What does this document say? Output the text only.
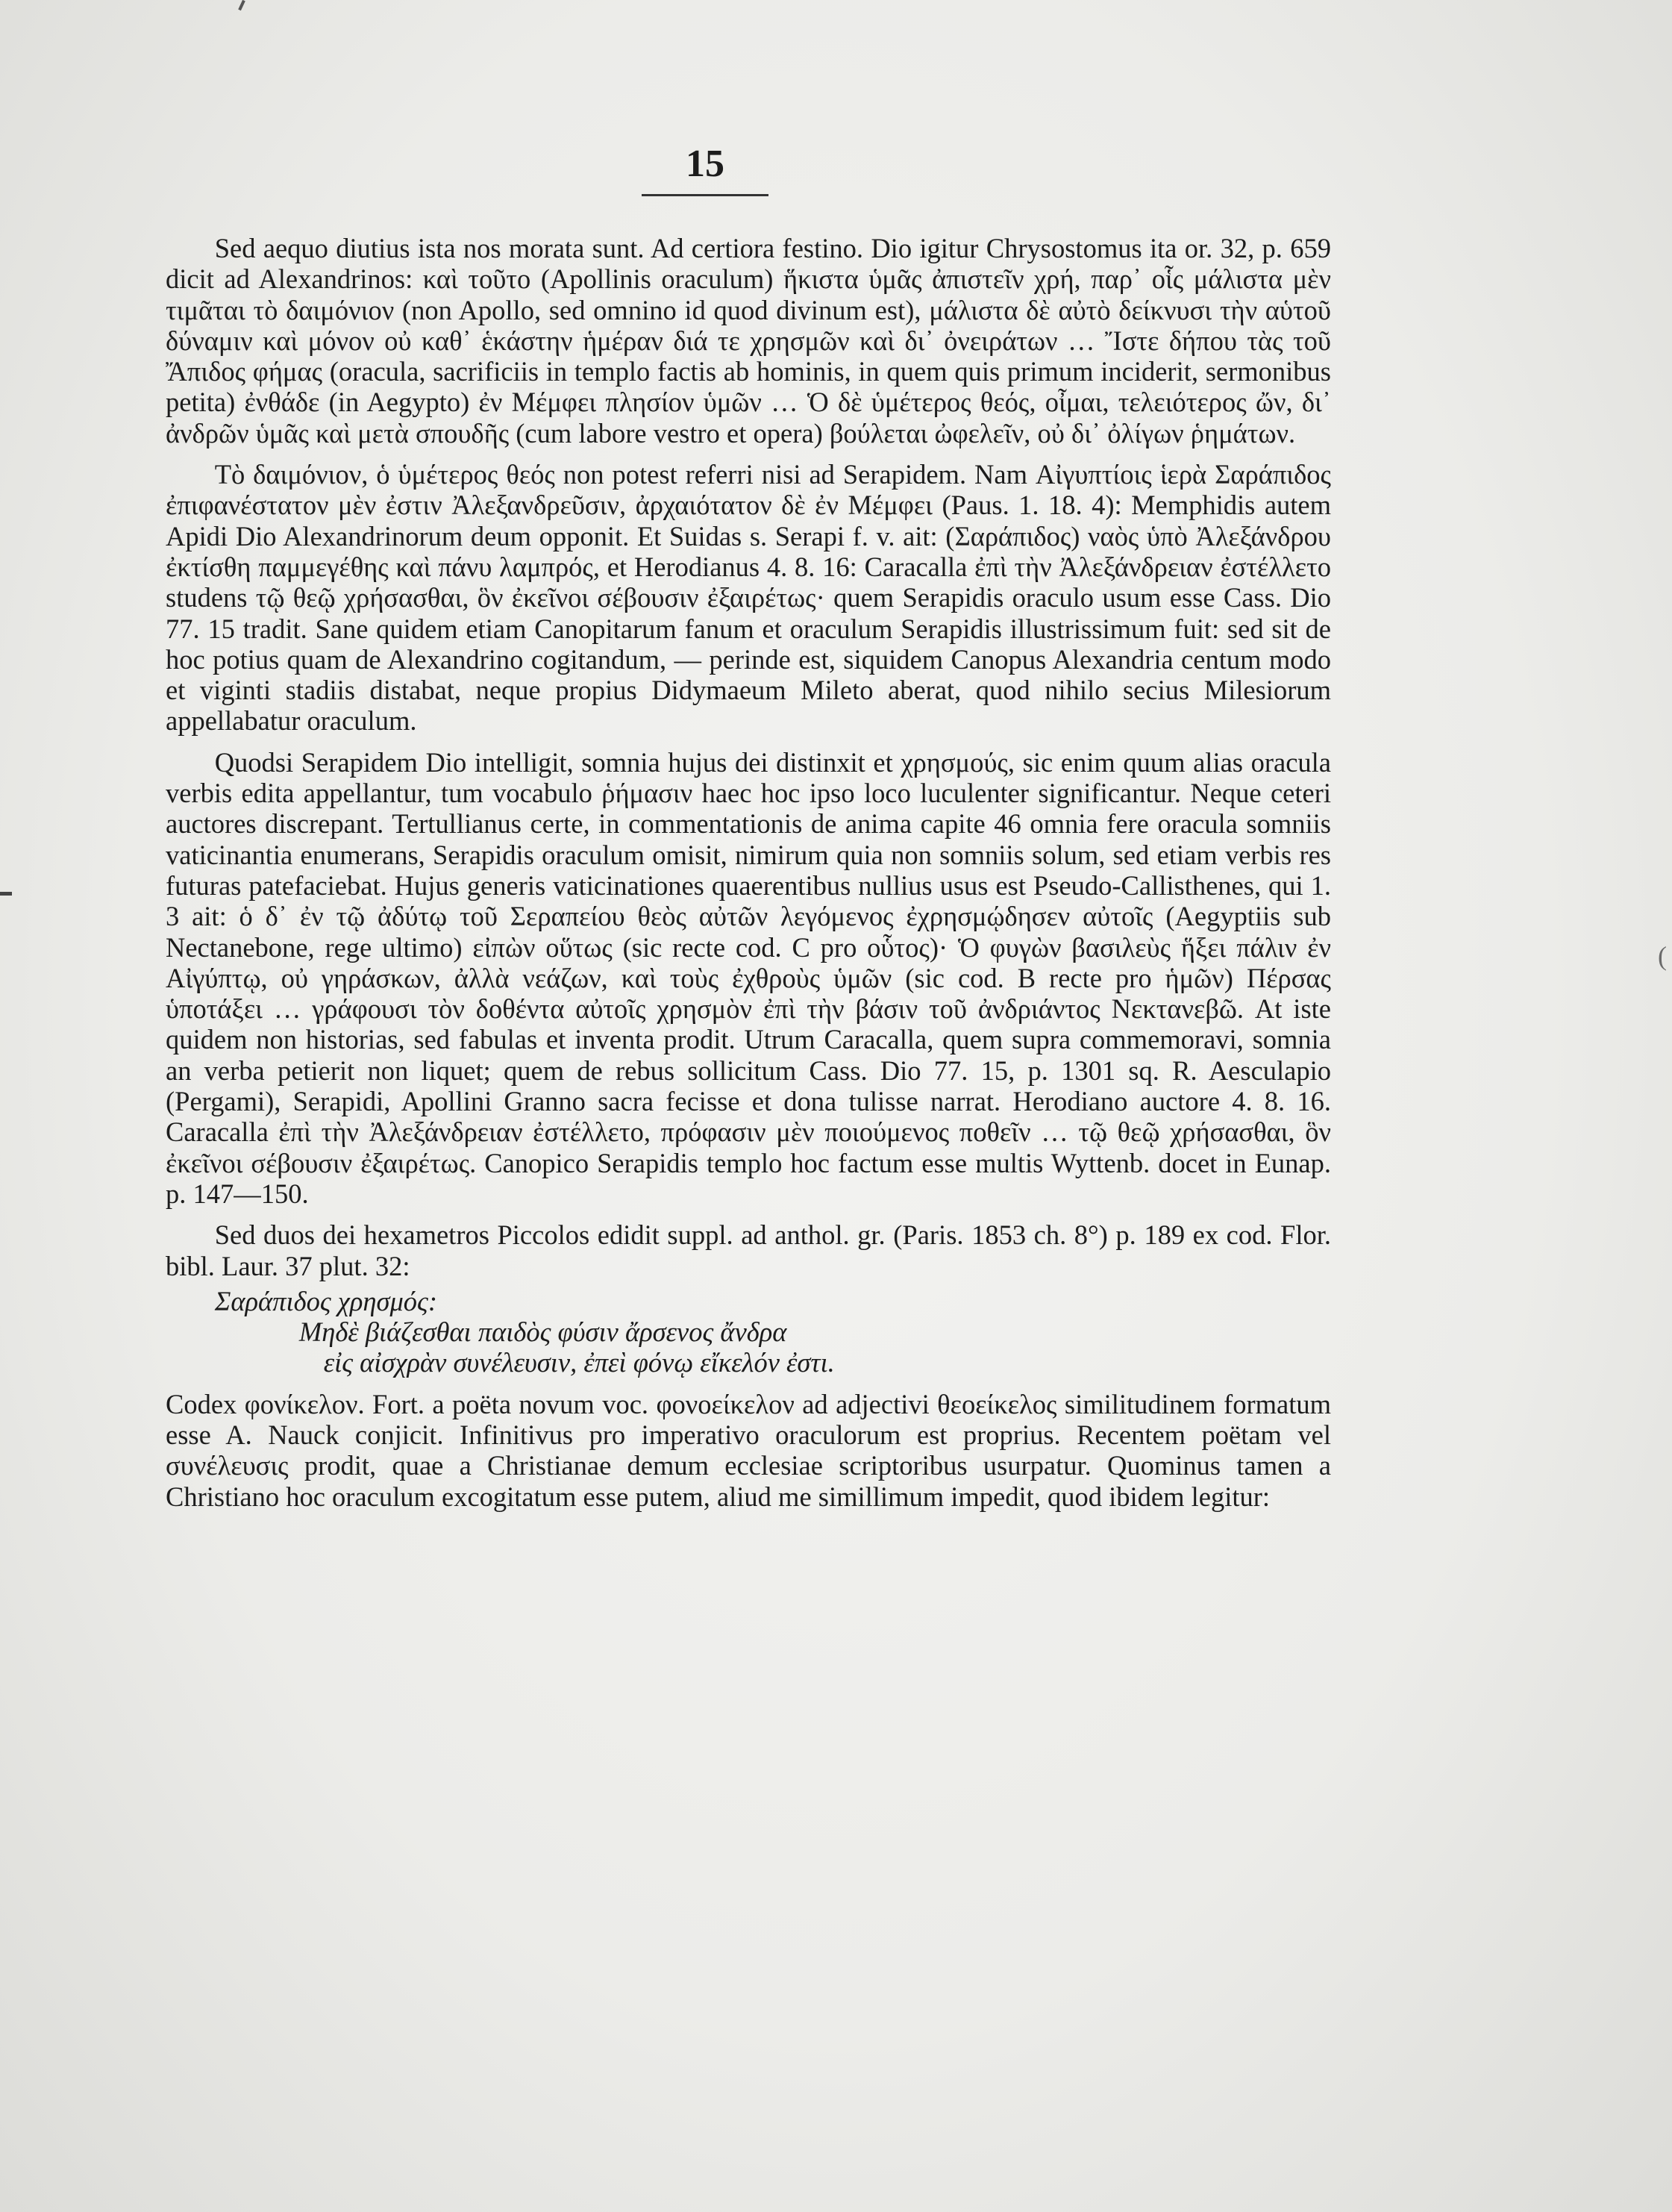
15

Sed aequo diutius ista nos morata sunt. Ad certiora festino. Dio igitur Chrysostomus ita or. 32, p. 659 dicit ad Alexandrinos: καὶ τοῦτο (Apollinis oraculum) ἥκιστα ὑμᾶς ἀπιστεῖν χρή, παρ᾽ οἷς μάλιστα μὲν τιμᾶται τὸ δαιμόνιον (non Apollo, sed omnino id quod divinum est), μάλιστα δὲ αὐτὸ δείκνυσι τὴν αὑτοῦ δύναμιν καὶ μόνον οὐ καθ᾽ ἑκάστην ἡμέραν διά τε χρησμῶν καὶ δι᾽ ὀνειράτων … Ἴστε δήπου τὰς τοῦ Ἄπιδος φήμας (oracula, sacrificiis in templo factis ab hominis, in quem quis primum inciderit, sermonibus petita) ἐνθάδε (in Aegypto) ἐν Μέμφει πλησίον ὑμῶν … Ὁ δὲ ὑμέτερος θεός, οἶμαι, τελειότερος ὤν, δι᾽ ἀνδρῶν ὑμᾶς καὶ μετὰ σπουδῆς (cum labore vestro et opera) βούλεται ὠφελεῖν, οὐ δι᾽ ὀλίγων ῥημάτων.

Τὸ δαιμόνιον, ὁ ὑμέτερος θεός non potest referri nisi ad Serapidem. Nam Αἰγυπτίοις ἱερὰ Σαράπιδος ἐπιφανέστατον μὲν ἐστιν Ἀλεξανδρεῦσιν, ἀρχαιότατον δὲ ἐν Μέμφει (Paus. 1. 18. 4): Memphidis autem Apidi Dio Alexandrinorum deum opponit. Et Suidas s. Serapi f. v. ait: (Σαράπιδος) ναὸς ὑπὸ Ἀλεξάνδρου ἐκτίσθη παμμεγέθης καὶ πάνυ λαμπρός, et Herodianus 4. 8. 16: Caracalla ἐπὶ τὴν Ἀλεξάνδρειαν ἐστέλλετο studens τῷ θεῷ χρήσασθαι, ὃν ἐκεῖνοι σέβουσιν ἐξαιρέτως· quem Serapidis oraculo usum esse Cass. Dio 77. 15 tradit. Sane quidem etiam Canopitarum fanum et oraculum Serapidis illustrissimum fuit: sed sit de hoc potius quam de Alexandrino cogitandum, — perinde est, siquidem Canopus Alexandria centum modo et viginti stadiis distabat, neque propius Didymaeum Mileto aberat, quod nihilo secius Milesiorum appellabatur oraculum.

Quodsi Serapidem Dio intelligit, somnia hujus dei distinxit et χρησμούς, sic enim quum alias oracula verbis edita appellantur, tum vocabulo ῥήμασιν haec hoc ipso loco luculenter significantur. Neque ceteri auctores discrepant. Tertullianus certe, in commentationis de anima capite 46 omnia fere oracula somniis vaticinantia enumerans, Serapidis oraculum omisit, nimirum quia non somniis solum, sed etiam verbis res futuras patefaciebat. Hujus generis vaticinationes quaerentibus nullius usus est Pseudo-Callisthenes, qui 1. 3 ait: ὁ δ᾽ ἐν τῷ ἀδύτῳ τοῦ Σεραπείου θεὸς αὐτῶν λεγόμενος ἐχρησμῴδησεν αὐτοῖς (Aegyptiis sub Nectanebone, rege ultimo) εἰπὼν οὕτως (sic recte cod. C pro οὗτος)· Ὁ φυγὼν βασιλεὺς ἥξει πάλιν ἐν Αἰγύπτῳ, οὐ γηράσκων, ἀλλὰ νεάζων, καὶ τοὺς ἐχθροὺς ὑμῶν (sic cod. B recte pro ἡμῶν) Πέρσας ὑποτάξει … γράφουσι τὸν δοθέντα αὐτοῖς χρησμὸν ἐπὶ τὴν βάσιν τοῦ ἀνδριάντος Νεκτανεβῶ. At iste quidem non historias, sed fabulas et inventa prodit. Utrum Caracalla, quem supra commemoravi, somnia an verba petierit non liquet; quem de rebus sollicitum Cass. Dio 77. 15, p. 1301 sq. R. Aesculapio (Pergami), Serapidi, Apollini Granno sacra fecisse et dona tulisse narrat. Herodiano auctore 4. 8. 16. Caracalla ἐπὶ τὴν Ἀλεξάνδρειαν ἐστέλλετο, πρόφασιν μὲν ποιούμενος ποθεῖν … τῷ θεῷ χρήσασθαι, ὃν ἐκεῖνοι σέβουσιν ἐξαιρέτως. Canopico Serapidis templo hoc factum esse multis Wyttenb. docet in Eunap. p. 147—150.

Sed duos dei hexametros Piccolos edidit suppl. ad anthol. gr. (Paris. 1853 ch. 8°) p. 189 ex cod. Flor. bibl. Laur. 37 plut. 32:

Σαράπιδος χρησμός:
Μηδὲ βιάζεσθαι παιδὸς φύσιν ἄρσενος ἄνδρα
εἰς αἰσχρὰν συνέλευσιν, ἐπεὶ φόνῳ εἴκελόν ἐστι.

Codex φονίκελον. Fort. a poëta novum voc. φονοείκελον ad adjectivi θεοείκελος similitudinem formatum esse A. Nauck conjicit. Infinitivus pro imperativo oraculorum est proprius. Recentem poëtam vel συνέλευσις prodit, quae a Christianae demum ecclesiae scriptoribus usurpatur. Quominus tamen a Christiano hoc oraculum excogitatum esse putem, aliud me simillimum impedit, quod ibidem legitur:

(
